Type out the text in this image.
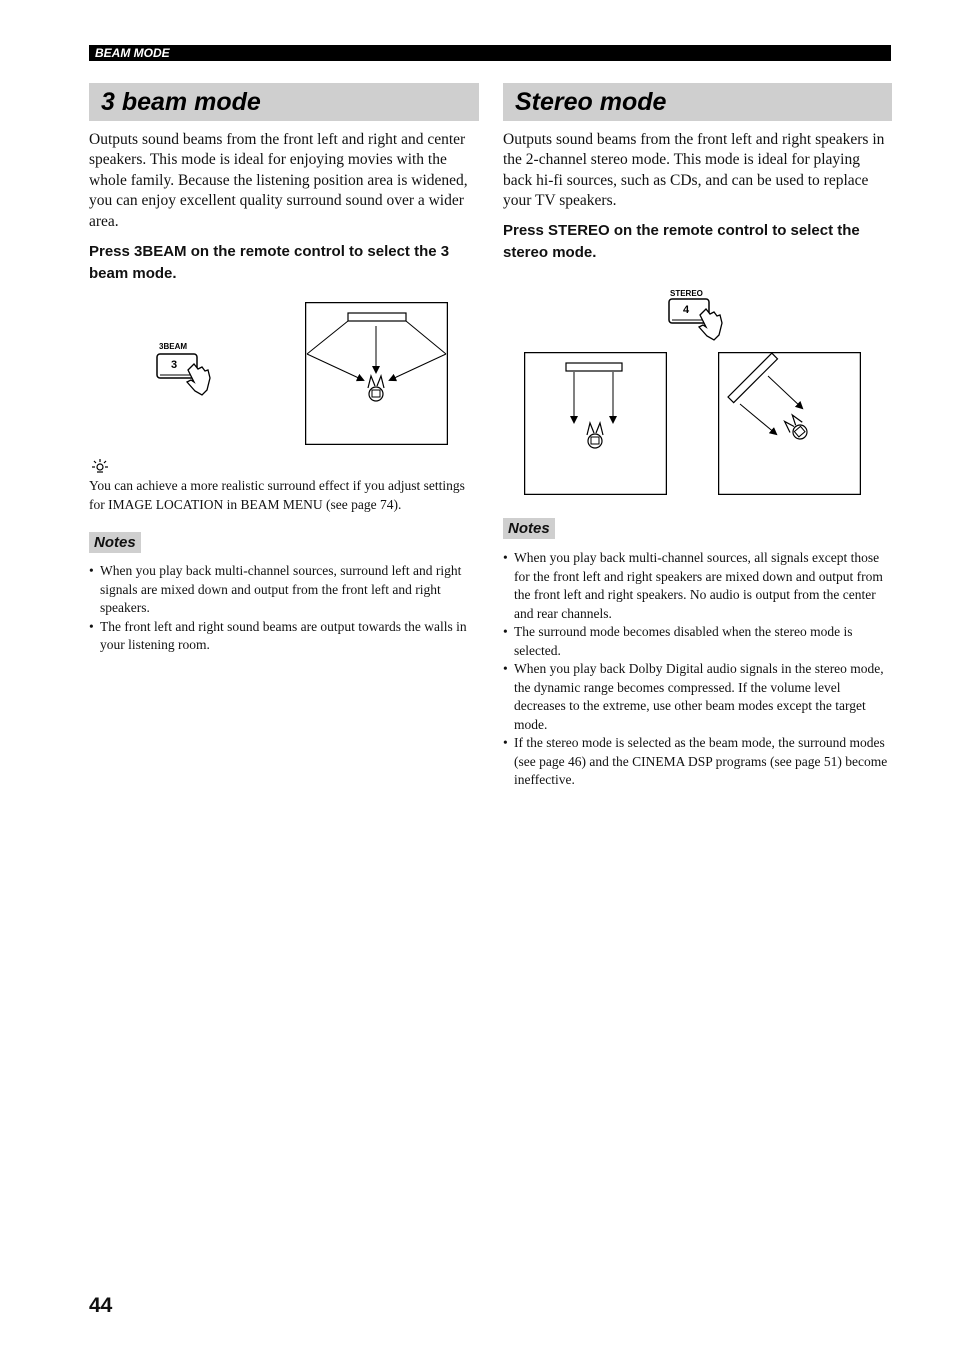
BEAM MODE
3 beam mode

Outputs sound beams from the front left and right and center speakers. This mode is ideal for enjoying movies with the whole family. Because the listening position area is widened, you can enjoy excellent quality surround sound over a wider area.

Press 3BEAM on the remote control to select the 3 beam mode.

3BEAM
3

You can achieve a more realistic surround effect if you adjust settings for IMAGE LOCATION in BEAM MENU (see page 74).

Notes
• When you play back multi-channel sources, surround left and right signals are mixed down and output from the front left and right speakers.
• The front left and right sound beams are output towards the walls in your listening room.
Stereo mode

Outputs sound beams from the front left and right speakers in the 2-channel stereo mode. This mode is ideal for playing back hi-fi sources, such as CDs, and can be used to replace your TV speakers.

Press STEREO on the remote control to select the stereo mode.

STEREO
4
Notes
• When you play back multi-channel sources, all signals except those for the front left and right speakers are mixed down and output from the front left and right speakers. No audio is output from the center and rear channels.
• The surround mode becomes disabled when the stereo mode is selected.
• When you play back Dolby Digital audio signals in the stereo mode, the dynamic range becomes compressed. If the volume level decreases to the extreme, use other beam modes except the target mode.
• If the stereo mode is selected as the beam mode, the surround modes (see page 46) and the CINEMA DSP programs (see page 51) become ineffective.
44
